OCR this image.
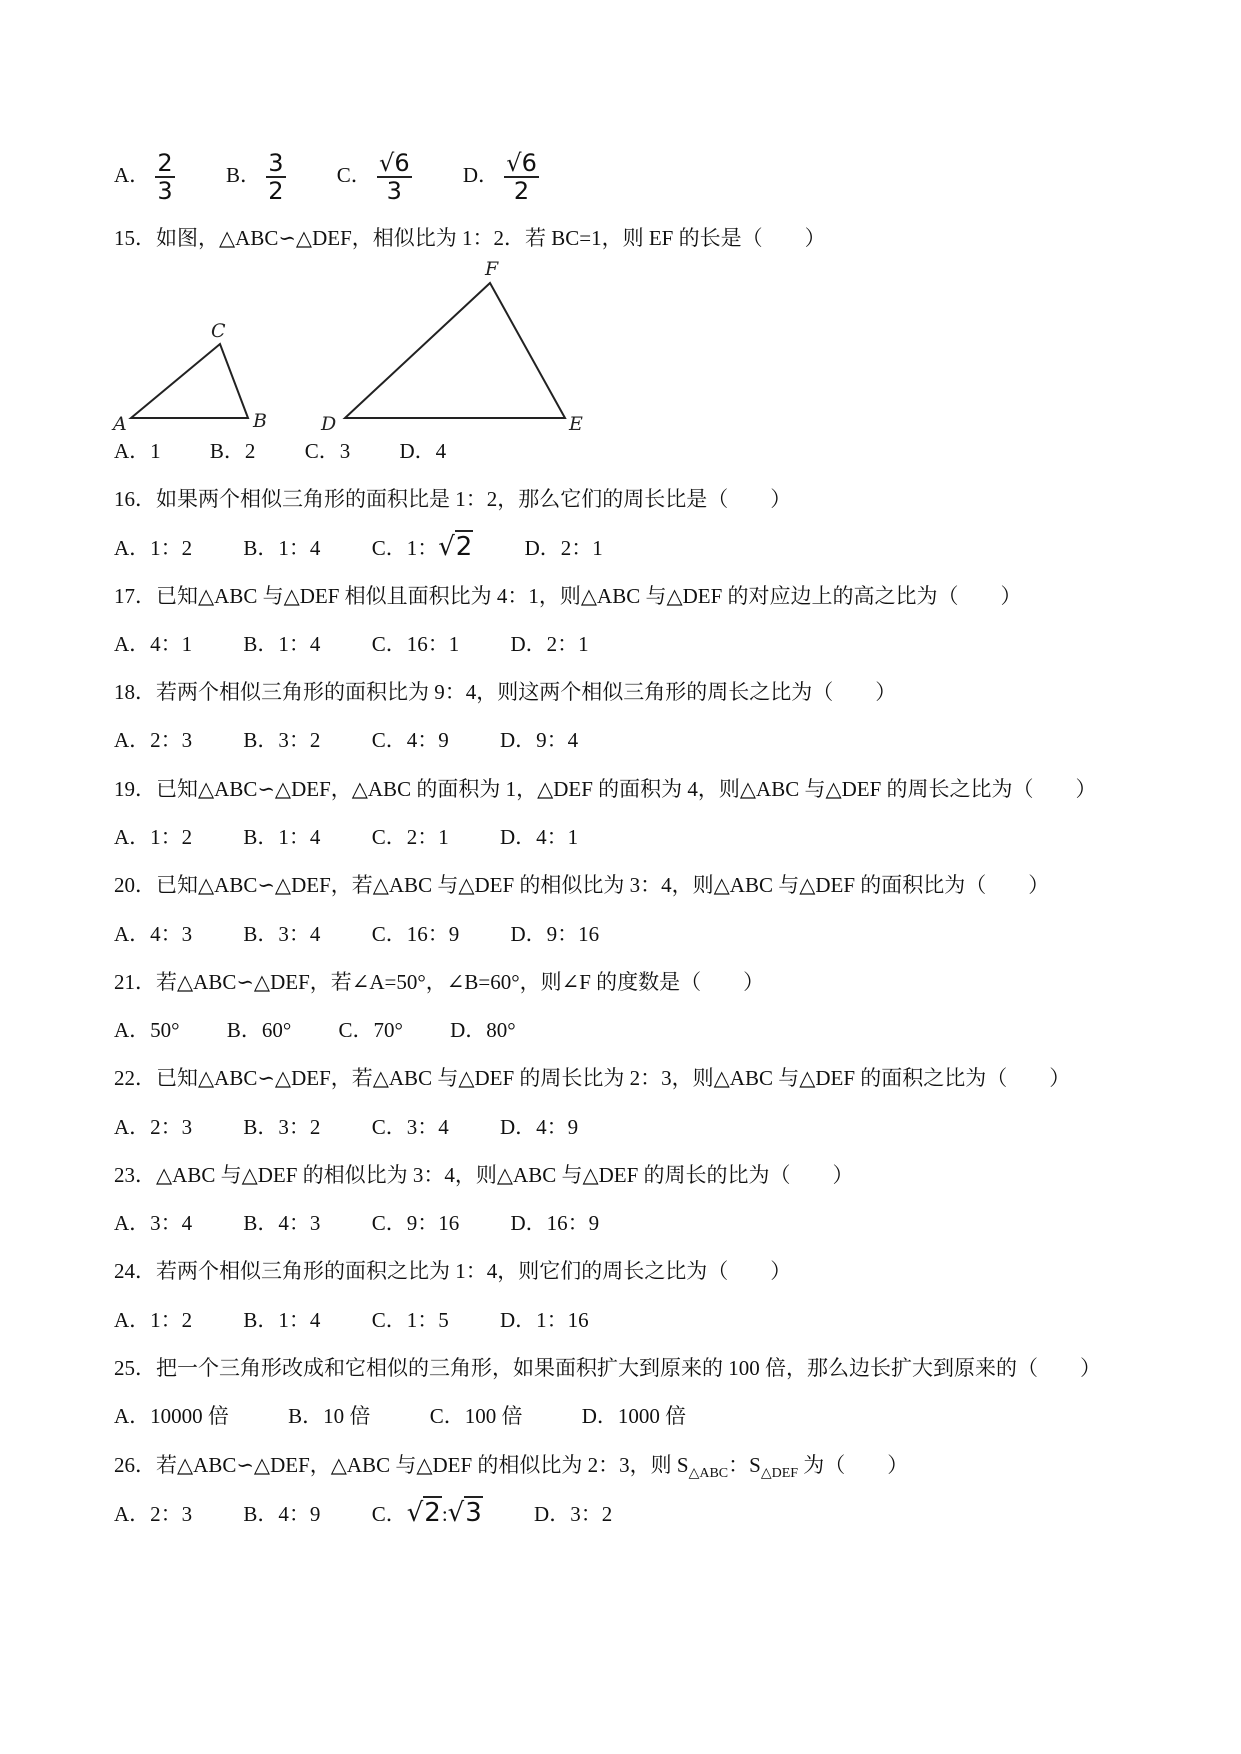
A． $\frac{2}{3}$ B． $\frac{3}{2}$ C． $\frac{√6}{3}$ D． $\frac{√6}{2}$
15．如图，△ABC∽△DEF，相似比为 1：2．若 BC=1，则 EF 的长是（　　）
A	B
C
D	E
F
A．1 B．2 C．3 D．4
16．如果两个相似三角形的面积比是 1：2，那么它们的周长比是（　　）
A．1：2 B．1：4 C．1：√2 D．2：1
17．已知△ABC 与△DEF 相似且面积比为 4：1，则△ABC 与△DEF 的对应边上的高之比为（　　）
A．4：1 B．1：4 C．16：1 D．2：1
18．若两个相似三角形的面积比为 9：4，则这两个相似三角形的周长之比为（　　）
A．2：3 B．3：2 C．4：9 D．9：4
19．已知△ABC∽△DEF，△ABC 的面积为 1，△DEF 的面积为 4，则△ABC 与△DEF 的周长之比为（　　）
A．1：2 B．1：4 C．2：1 D．4：1
20．已知△ABC∽△DEF，若△ABC 与△DEF 的相似比为 3：4，则△ABC 与△DEF 的面积比为（　　）
A．4：3 B．3：4 C．16：9 D．9：16
21．若△ABC∽△DEF，若∠A=50°，∠B=60°，则∠F 的度数是（　　）
A．50° B．60° C．70° D．80°
22．已知△ABC∽△DEF，若△ABC 与△DEF 的周长比为 2：3，则△ABC 与△DEF 的面积之比为（　　）
A．2：3 B．3：2 C．3：4 D．4：9
23．△ABC 与△DEF 的相似比为 3：4，则△ABC 与△DEF 的周长的比为（　　）
A．3：4 B．4：3 C．9：16 D．16：9
24．若两个相似三角形的面积之比为 1：4，则它们的周长之比为（　　）
A．1：2 B．1：4 C．1：5 D．1：16
25．把一个三角形改成和它相似的三角形，如果面积扩大到原来的 100 倍，那么边长扩大到原来的（　　）
A．10000 倍	B．10 倍	C．100 倍	D．1000 倍
26．若△ABC∽△DEF，△ABC 与△DEF 的相似比为 2：3，则 $S_{\triangle ABC}$：$S_{\triangle DEF}$ 为（　　）
A．2：3 B．4：9 C．√2:√3 D．3：2
